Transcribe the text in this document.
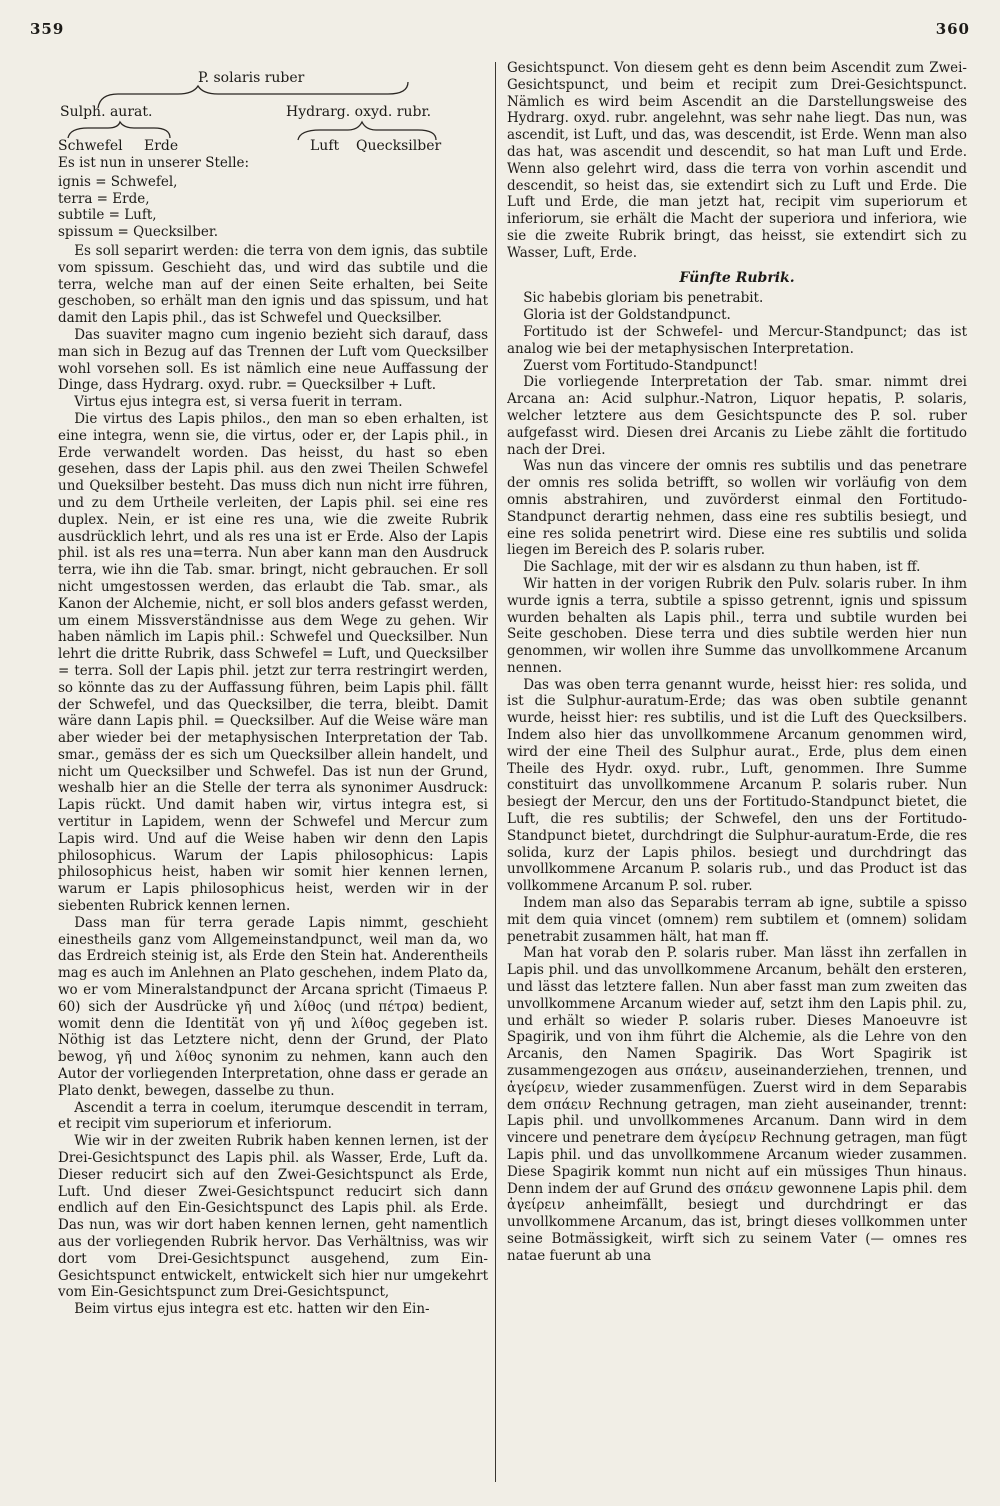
359	360
P. solaris ruber
Sulph. aurat.	Hydrarg. oxyd. rubr.
Schwefel Erde	Luft Quecksilber

Es ist nun in unserer Stelle:

ignis = Schwefel,
terra = Erde,
subtile = Luft,
spissum = Quecksilber.

Es soll separirt werden: die terra von dem ignis, das subtile vom spissum. Geschieht das, und wird das subtile und die terra, welche man auf der einen Seite erhalten, bei Seite geschoben, so erhält man den ignis und das spissum, und hat damit den Lapis phil., das ist Schwefel und Quecksilber.

Das suaviter magno cum ingenio bezieht sich darauf, dass man sich in Bezug auf das Trennen der Luft vom Quecksilber wohl vorsehen soll. Es ist nämlich eine neue Auffassung der Dinge, dass Hydrarg. oxyd. rubr. = Quecksilber + Luft.

Virtus ejus integra est, si versa fuerit in terram.

Die virtus des Lapis philos., den man so eben erhalten, ist eine integra, wenn sie, die virtus, oder er, der Lapis phil., in Erde verwandelt worden. Das heisst, du hast so eben gesehen, dass der Lapis phil. aus den zwei Theilen Schwefel und Queksilber besteht. Das muss dich nun nicht irre führen, und zu dem Urtheile verleiten, der Lapis phil. sei eine res duplex. Nein, er ist eine res una, wie die zweite Rubrik ausdrücklich lehrt, und als res una ist er Erde. Also der Lapis phil. ist als res una=terra. Nun aber kann man den Ausdruck terra, wie ihn die Tab. smar. bringt, nicht gebrauchen. Er soll nicht umgestossen werden, das erlaubt die Tab. smar., als Kanon der Alchemie, nicht, er soll blos anders gefasst werden, um einem Missverständnisse aus dem Wege zu gehen. Wir haben nämlich im Lapis phil.: Schwefel und Quecksilber. Nun lehrt die dritte Rubrik, dass Schwefel = Luft, und Quecksilber = terra. Soll der Lapis phil. jetzt zur terra restringirt werden, so könnte das zu der Auffassung führen, beim Lapis phil. fällt der Schwefel, und das Quecksilber, die terra, bleibt. Damit wäre dann Lapis phil. = Quecksilber. Auf die Weise wäre man aber wieder bei der metaphysischen Interpretation der Tab. smar., gemäss der es sich um Quecksilber allein handelt, und nicht um Quecksilber und Schwefel. Das ist nun der Grund, weshalb hier an die Stelle der terra als synonimer Ausdruck: Lapis rückt. Und damit haben wir, virtus integra est, si vertitur in Lapidem, wenn der Schwefel und Mercur zum Lapis wird. Und auf die Weise haben wir denn den Lapis philosophicus. Warum der Lapis philosophicus: Lapis philosophicus heist, haben wir somit hier kennen lernen, warum er Lapis philosophicus heist, werden wir in der siebenten Rubrick kennen lernen.

Dass man für terra gerade Lapis nimmt, geschieht einestheils ganz vom Allgemeinstandpunct, weil man da, wo das Erdreich steinig ist, als Erde den Stein hat. Anderentheils mag es auch im Anlehnen an Plato geschehen, indem Plato da, wo er vom Mineralstandpunct der Arcana spricht (Timaeus P. 60) sich der Ausdrücke γῆ und λίθος (und πέτρα) bedient, womit denn die Identität von γῆ und λίθος gegeben ist. Nöthig ist das Letztere nicht, denn der Grund, der Plato bewog, γῆ und λίθος synonim zu nehmen, kann auch den Autor der vorliegenden Interpretation, ohne dass er gerade an Plato denkt, bewegen, dasselbe zu thun.

Ascendit a terra in coelum, iterumque descendit in terram, et recipit vim superiorum et inferiorum.

Wie wir in der zweiten Rubrik haben kennen lernen, ist der Drei-Gesichtspunct des Lapis phil. als Wasser, Erde, Luft da. Dieser reducirt sich auf den Zwei-Gesichtspunct als Erde, Luft. Und dieser Zwei-Gesichtspunct reducirt sich dann endlich auf den Ein-Gesichtspunct des Lapis phil. als Erde. Das nun, was wir dort haben kennen lernen, geht namentlich aus der vorliegenden Rubrik hervor. Das Verhältniss, was wir dort vom Drei-Gesichtspunct ausgehend, zum Ein-Gesichtspunct entwickelt, entwickelt sich hier nur umgekehrt vom Ein-Gesichtspunct zum Drei-Gesichtspunct,

Beim virtus ejus integra est etc. hatten wir den Ein-

Gesichtspunct. Von diesem geht es denn beim Ascendit zum Zwei-Gesichtspunct, und beim et recipit zum Drei-Gesichtspunct. Nämlich es wird beim Ascendit an die Darstellungsweise des Hydrarg. oxyd. rubr. angelehnt, was sehr nahe liegt. Das nun, was ascendit, ist Luft, und das, was descendit, ist Erde. Wenn man also das hat, was ascendit und descendit, so hat man Luft und Erde. Wenn also gelehrt wird, dass die terra von vorhin ascendit und descendit, so heist das, sie extendirt sich zu Luft und Erde. Die Luft und Erde, die man jetzt hat, recipit vim superiorum et inferiorum, sie erhält die Macht der superiora und inferiora, wie sie die zweite Rubrik bringt, das heisst, sie extendirt sich zu Wasser, Luft, Erde.

Fünfte Rubrik.

Sic habebis gloriam bis penetrabit.

Gloria ist der Goldstandpunct.

Fortitudo ist der Schwefel- und Mercur-Standpunct; das ist analog wie bei der metaphysischen Interpretation.

Zuerst vom Fortitudo-Standpunct!

Die vorliegende Interpretation der Tab. smar. nimmt drei Arcana an: Acid sulphur.-Natron, Liquor hepatis, P. solaris, welcher letztere aus dem Gesichtspuncte des P. sol. ruber aufgefasst wird. Diesen drei Arcanis zu Liebe zählt die fortitudo nach der Drei.

Was nun das vincere der omnis res subtilis und das penetrare der omnis res solida betrifft, so wollen wir vorläufig von dem omnis abstrahiren, und zuvörderst einmal den Fortitudo-Standpunct derartig nehmen, dass eine res subtilis besiegt, und eine res solida penetrirt wird. Diese eine res subtilis und solida liegen im Bereich des P. solaris ruber.

Die Sachlage, mit der wir es alsdann zu thun haben, ist ff.

Wir hatten in der vorigen Rubrik den Pulv. solaris ruber. In ihm wurde ignis a terra, subtile a spisso getrennt, ignis und spissum wurden behalten als Lapis phil., terra und subtile wurden bei Seite geschoben. Diese terra und dies subtile werden hier nun genommen, wir wollen ihre Summe das unvollkommene Arcanum nennen.

Das was oben terra genannt wurde, heisst hier: res solida, und ist die Sulphur-auratum-Erde; das was oben subtile genannt wurde, heisst hier: res subtilis, und ist die Luft des Quecksilbers. Indem also hier das unvollkommene Arcanum genommen wird, wird der eine Theil des Sulphur aurat., Erde, plus dem einen Theile des Hydr. oxyd. rubr., Luft, genommen. Ihre Summe constituirt das unvollkommene Arcanum P. solaris ruber. Nun besiegt der Mercur, den uns der Fortitudo-Standpunct bietet, die Luft, die res subtilis; der Schwefel, den uns der Fortitudo-Standpunct bietet, durchdringt die Sulphur-auratum-Erde, die res solida, kurz der Lapis philos. besiegt und durchdringt das unvollkommene Arcanum P. solaris rub., und das Product ist das vollkommene Arcanum P. sol. ruber.

Indem man also das Separabis terram ab igne, subtile a spisso mit dem quia vincet (omnem) rem subtilem et (omnem) solidam penetrabit zusammen hält, hat man ff.

Man hat vorab den P. solaris ruber. Man lässt ihn zerfallen in Lapis phil. und das unvollkommene Arcanum, behält den ersteren, und lässt das letztere fallen. Nun aber fasst man zum zweiten das unvollkommene Arcanum wieder auf, setzt ihm den Lapis phil. zu, und erhält so wieder P. solaris ruber. Dieses Manoeuvre ist Spagirik, und von ihm führt die Alchemie, als die Lehre von den Arcanis, den Namen Spagirik. Das Wort Spagirik ist zusammengezogen aus σπάειν, auseinanderziehen, trennen, und ἀγείρειν, wieder zusammenfügen. Zuerst wird in dem Separabis dem σπάειν Rechnung getragen, man zieht auseinander, trennt: Lapis phil. und unvollkommenes Arcanum. Dann wird in dem vincere und penetrare dem ἀγείρειν Rechnung getragen, man fügt Lapis phil. und das unvollkommene Arcanum wieder zusammen. Diese Spagirik kommt nun nicht auf ein müssiges Thun hinaus. Denn indem der auf Grund des σπάειν gewonnene Lapis phil. dem ἀγείρειν anheimfällt, besiegt und durchdringt er das unvollkommene Arcanum, das ist, bringt dieses vollkommen unter seine Botmässigkeit, wirft sich zu seinem Vater (— omnes res natae fuerunt ab una
